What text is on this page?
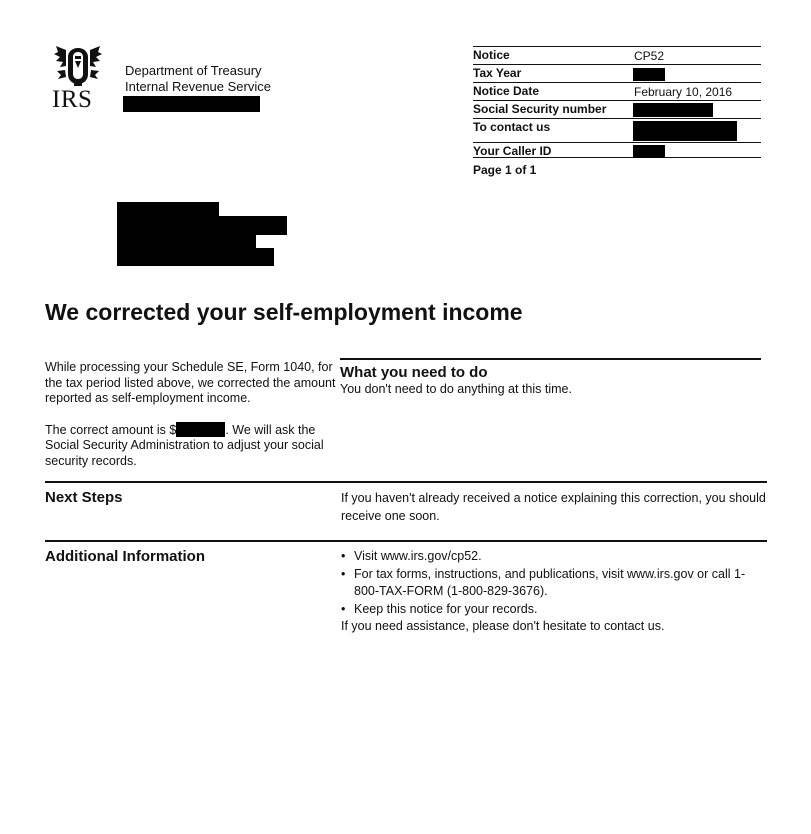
IRS
Department of Treasury
Internal Revenue Service
Notice	CP52
Tax Year
Notice Date	February 10, 2016
Social Security number
To contact us
Your Caller ID
Page 1 of 1
We corrected your self-employment income

While processing your Schedule SE, Form 1040, for the tax period listed above, we corrected the amount reported as self-employment income.

The correct amount is $	. We will ask the Social Security Administration to adjust your social security records.

What you need to do
You don't need to do anything at this time.
Next Steps	If you haven't already received a notice explaining this correction, you should receive one soon.
Additional Information
•	Visit www.irs.gov/cp52.
• For tax forms, instructions, and publications, visit www.irs.gov or call 1-800-TAX-FORM (1-800-829-3676).
• Keep this notice for your records.
If you need assistance, please don't hesitate to contact us.
